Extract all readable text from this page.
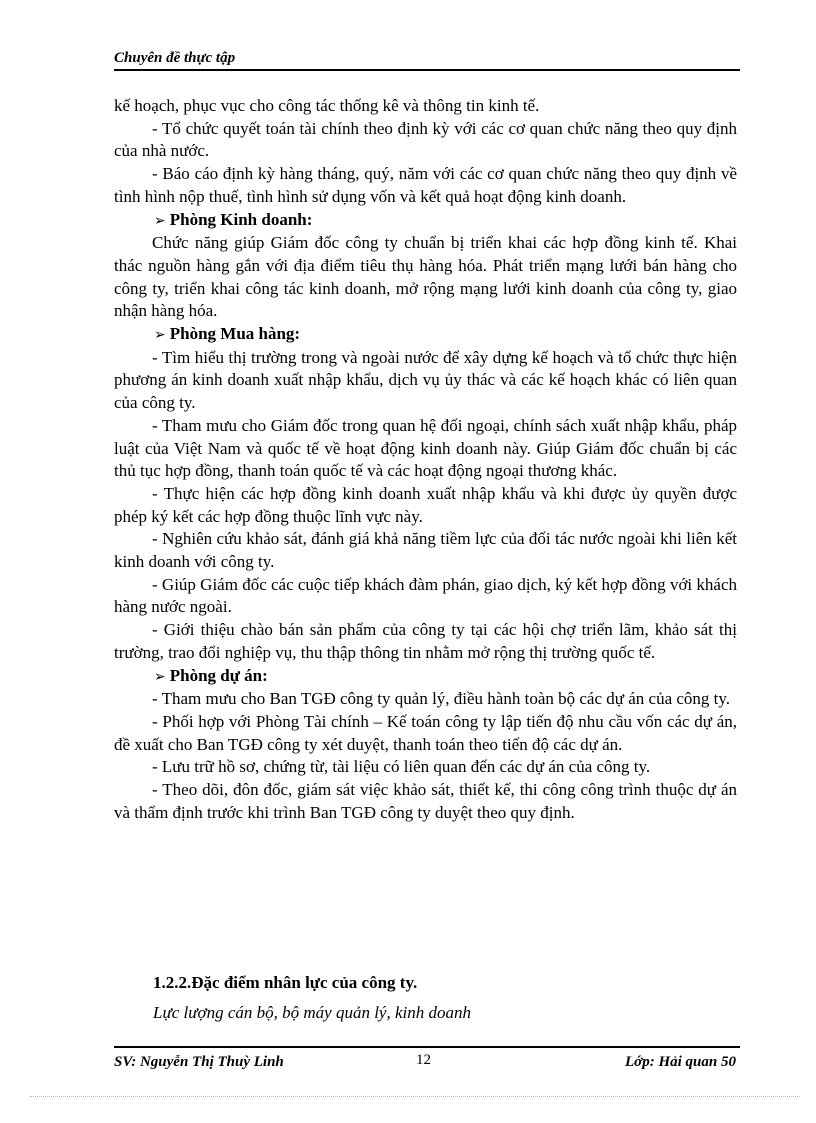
Chuyên đề thực tập

kế hoạch, phục vục cho công tác thống kê và thông tin kinh tế.

- Tổ chức quyết toán tài chính theo định kỳ với các cơ quan chức năng theo quy định của nhà nước.

- Báo cáo định kỳ hàng tháng, quý, năm với các cơ quan chức năng theo quy định về tình hình nộp thuế, tình hình sử dụng vốn và kết quả hoạt động kinh doanh.

➢ Phòng Kinh doanh:

Chức năng giúp Giám đốc công ty chuẩn bị triển khai các hợp đồng kinh tế. Khai thác nguồn hàng gắn với địa điểm tiêu thụ hàng hóa. Phát triển mạng lưới bán hàng cho công ty, triển khai công tác kinh doanh, mở rộng mạng lưới kinh doanh của công ty, giao nhận hàng hóa.

➢ Phòng Mua hàng:

- Tìm hiểu thị trường trong và ngoài nước để xây dựng kế hoạch và tổ chức thực hiện phương án kinh doanh xuất nhập khẩu, dịch vụ ủy thác và các kế hoạch khác có liên quan của công ty.

- Tham mưu cho Giám đốc trong quan hệ đối ngoại, chính sách xuất nhập khẩu, pháp luật của Việt Nam và quốc tế về hoạt động kinh doanh này. Giúp Giám đốc chuẩn bị các thủ tục hợp đồng, thanh toán quốc tế và các hoạt động ngoại thương khác.

- Thực hiện các hợp đồng kinh doanh xuất nhập khẩu và khi được ủy quyền được phép ký kết các hợp đồng thuộc lĩnh vực này.

- Nghiên cứu khảo sát, đánh giá khả năng tiềm lực của đối tác nước ngoài khi liên kết kinh doanh với công ty.

- Giúp Giám đốc các cuộc tiếp khách đàm phán, giao dịch, ký kết hợp đồng với khách hàng nước ngoài.

- Giới thiệu chào bán sản phẩm của công ty tại các hội chợ triển lãm, khảo sát thị trường, trao đổi nghiệp vụ, thu thập thông tin nhằm mở rộng thị trường quốc tế.

➢ Phòng dự án:

- Tham mưu cho Ban TGĐ công ty quản lý, điều hành toàn bộ các dự án của công ty.

- Phối hợp với Phòng Tài chính – Kế toán công ty lập tiến độ nhu cầu vốn các dự án, đề xuất cho Ban TGĐ công ty xét duyệt, thanh toán theo tiến độ các dự án.

- Lưu trữ hồ sơ, chứng từ, tài liệu có liên quan đến các dự án của công ty.

- Theo dõi, đôn đốc, giám sát việc khảo sát, thiết kế, thi công công trình thuộc dự án và thẩm định trước khi trình Ban TGĐ công ty duyệt theo quy định.

1.2.2.Đặc điểm nhân lực của công ty.
Lực lượng cán bộ, bộ máy quản lý, kinh doanh
SV: Nguyễn Thị Thuỳ Linh	12	Lớp: Hải quan 50
